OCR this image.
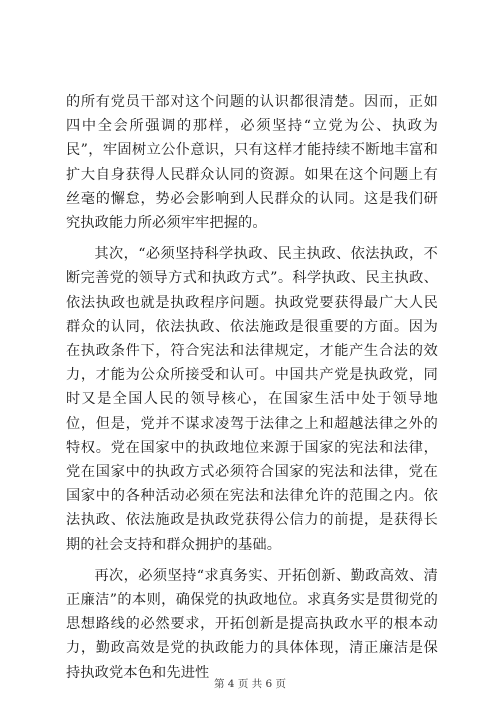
的所有党员干部对这个问题的认识都很清楚。因而，正如四中全会所强调的那样，必须坚持“立党为公、执政为民”，牢固树立公仆意识，只有这样才能持续不断地丰富和扩大自身获得人民群众认同的资源。如果在这个问题上有丝毫的懈怠，势必会影响到人民群众的认同。这是我们研究执政能力所必须牢牢把握的。

其次，“必须坚持科学执政、民主执政、依法执政，不断完善党的领导方式和执政方式”。科学执政、民主执政、依法执政也就是执政程序问题。执政党要获得最广大人民群众的认同，依法执政、依法施政是很重要的方面。因为在执政条件下，符合宪法和法律规定，才能产生合法的效力，才能为公众所接受和认可。中国共产党是执政党，同时又是全国人民的领导核心，在国家生活中处于领导地位，但是，党并不谋求凌驾于法律之上和超越法律之外的特权。党在国家中的执政地位来源于国家的宪法和法律，党在国家中的执政方式必须符合国家的宪法和法律，党在国家中的各种活动必须在宪法和法律允许的范围之内。依法执政、依法施政是执政党获得公信力的前提，是获得长期的社会支持和群众拥护的基础。

再次，必须坚持“求真务实、开拓创新、勤政高效、清正廉洁”的本则，确保党的执政地位。求真务实是贯彻党的思想路线的必然要求，开拓创新是提高执政水平的根本动力，勤政高效是党的执政能力的具体体现，清正廉洁是保持执政党本色和先进性

第 4 页 共 6 页
